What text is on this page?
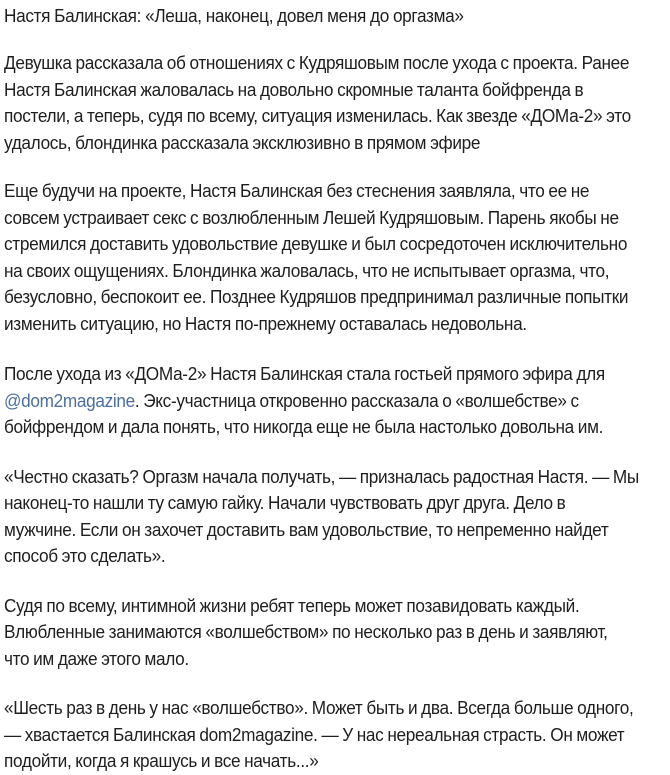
Настя Балинская: «Леша, наконец, довел меня до оргазма»

Девушка рассказала об отношениях с Кудряшовым после ухода с проекта. Ранее
Настя Балинская жаловалась на довольно скромные таланта бойфренда в
постели, а теперь, судя по всему, ситуация изменилась. Как звезде «ДОМа-2» это
удалось, блондинка рассказала эксклюзивно в прямом эфире

Еще будучи на проекте, Настя Балинская без стеснения заявляла, что ее не
совсем устраивает секс с возлюбленным Лешей Кудряшовым. Парень якобы не
стремился доставить удовольствие девушке и был сосредоточен исключительно
на своих ощущениях. Блондинка жаловалась, что не испытывает оргазма, что,
безусловно, беспокоит ее. Позднее Кудряшов предпринимал различные попытки
изменить ситуацию, но Настя по-прежнему оставалась недовольна.

После ухода из «ДОМа-2» Настя Балинская стала гостьей прямого эфира для
@dom2magazine. Экс-участница откровенно рассказала о «волшебстве» с
бойфрендом и дала понять, что никогда еще не была настолько довольна им.

«Честно сказать? Оргазм начала получать, — призналась радостная Настя. — Мы
наконец-то нашли ту самую гайку. Начали чувствовать друг друга. Дело в
мужчине. Если он захочет доставить вам удовольствие, то непременно найдет
способ это сделать».

Судя по всему, интимной жизни ребят теперь может позавидовать каждый.
Влюбленные занимаются «волшебством» по несколько раз в день и заявляют,
что им даже этого мало.

«Шесть раз в день у нас «волшебство». Может быть и два. Всегда больше одного,
— хвастается Балинская dom2magazine. — У нас нереальная страсть. Он может
подойти, когда я крашусь и все начать...»
